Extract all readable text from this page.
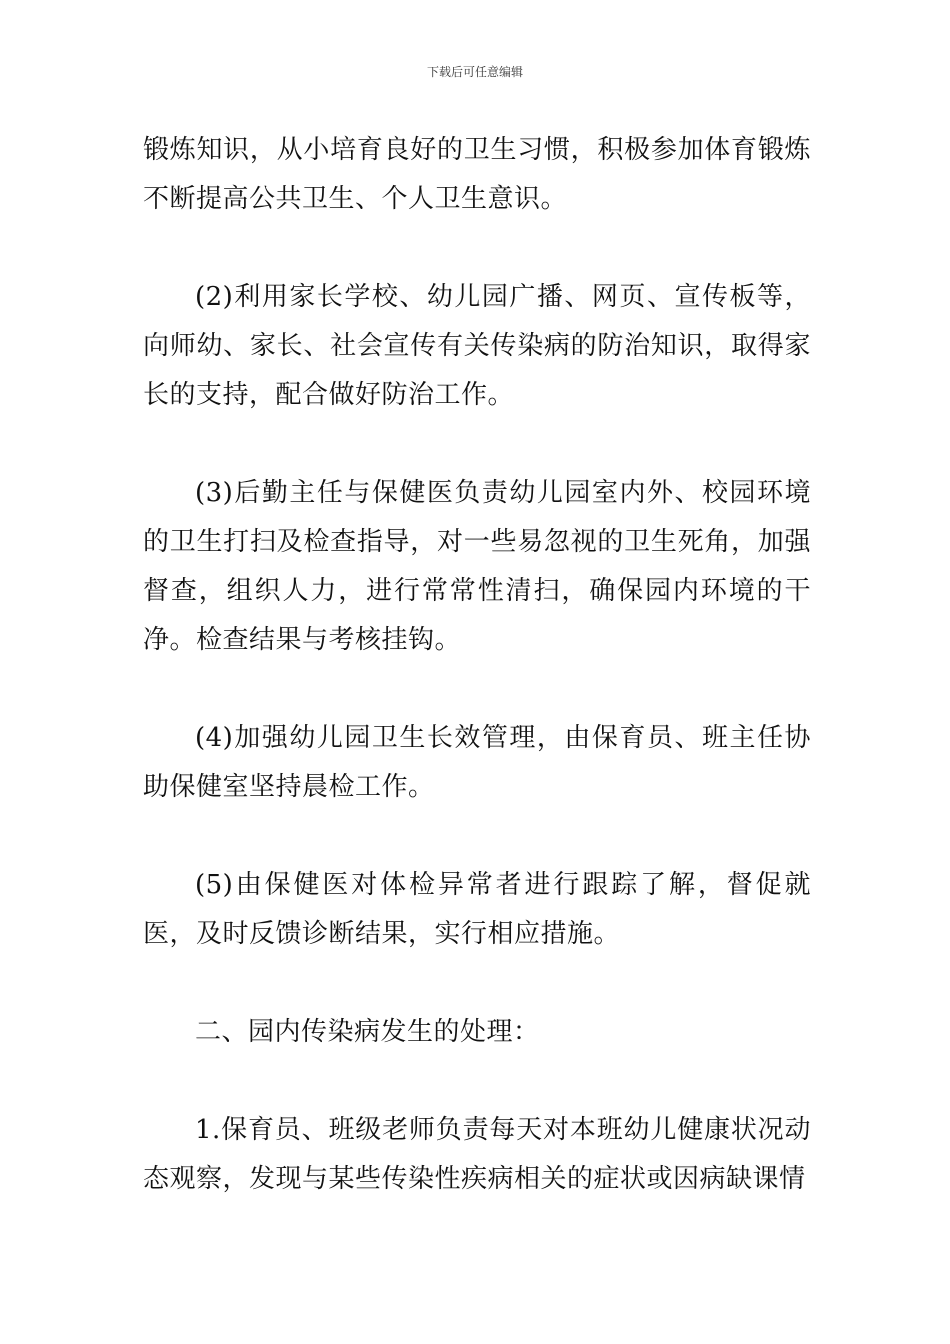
下载后可任意编辑

锻炼知识，从小培育良好的卫生习惯，积极参加体育锻炼不断提高公共卫生、个人卫生意识。

(2)利用家长学校、幼儿园广播、网页、宣传板等，向师幼、家长、社会宣传有关传染病的防治知识，取得家长的支持，配合做好防治工作。

(3)后勤主任与保健医负责幼儿园室内外、校园环境的卫生打扫及检查指导，对一些易忽视的卫生死角，加强督查，组织人力，进行常常性清扫，确保园内环境的干净。检查结果与考核挂钩。

(4)加强幼儿园卫生长效管理，由保育员、班主任协助保健室坚持晨检工作。

(5)由保健医对体检异常者进行跟踪了解，督促就医，及时反馈诊断结果，实行相应措施。

二、园内传染病发生的处理：

1.保育员、班级老师负责每天对本班幼儿健康状况动态观察，发现与某些传染性疾病相关的症状或因病缺课情
